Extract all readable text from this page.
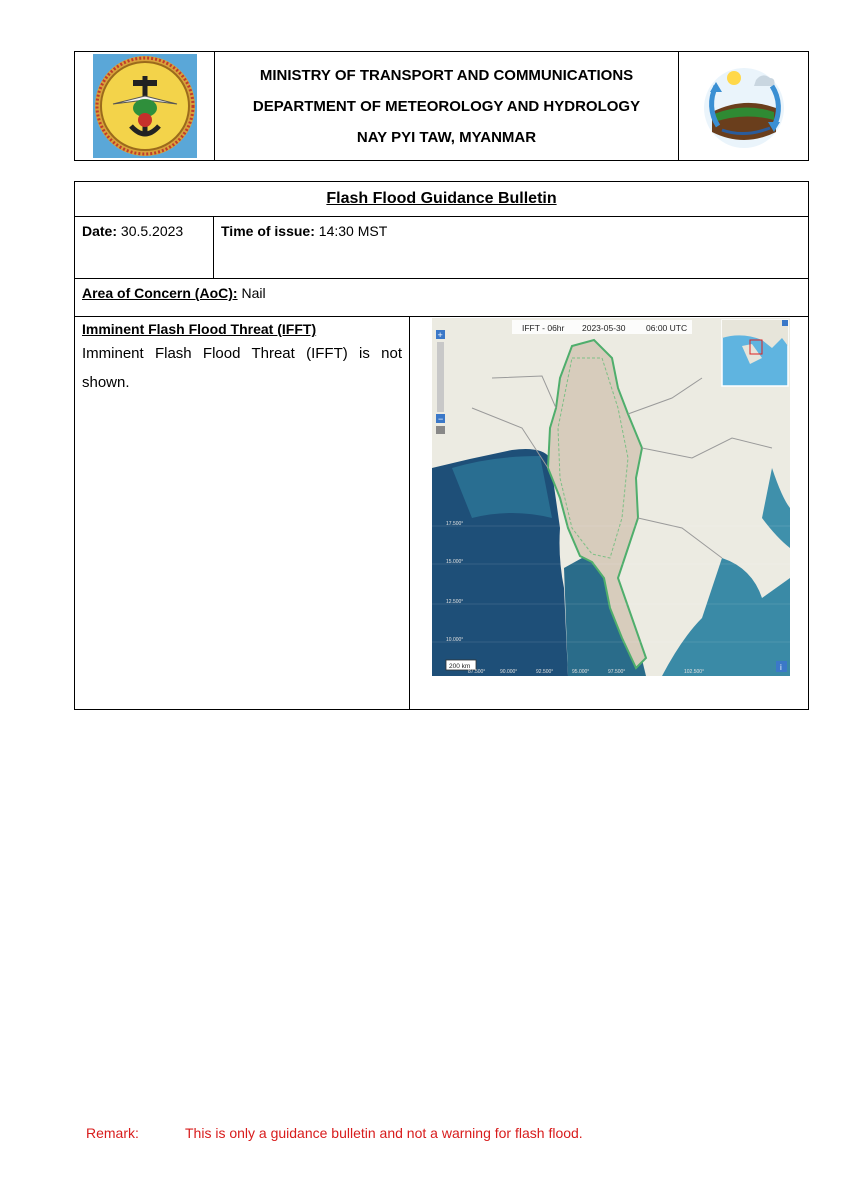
MINISTRY OF TRANSPORT AND COMMUNICATIONS
DEPARTMENT OF METEOROLOGY AND HYDROLOGY
NAY PYI TAW, MYANMAR
Flash Flood Guidance Bulletin
Date: 30.5.2023	Time of issue: 14:30 MST
Area of Concern (AoC): Nail
Imminent Flash Flood Threat (IFFT)
Imminent Flash Flood Threat (IFFT) is not shown.
IFFT - 06hr 2023-05-30 06:00 UTC
+
−
200 km
17.500°
15.000°
12.500°
10.000°
87.500°	90.000°	92.500°	95.000°	97.500°	102.500°	i
Remark:	This is only a guidance bulletin and not a warning for flash flood.
